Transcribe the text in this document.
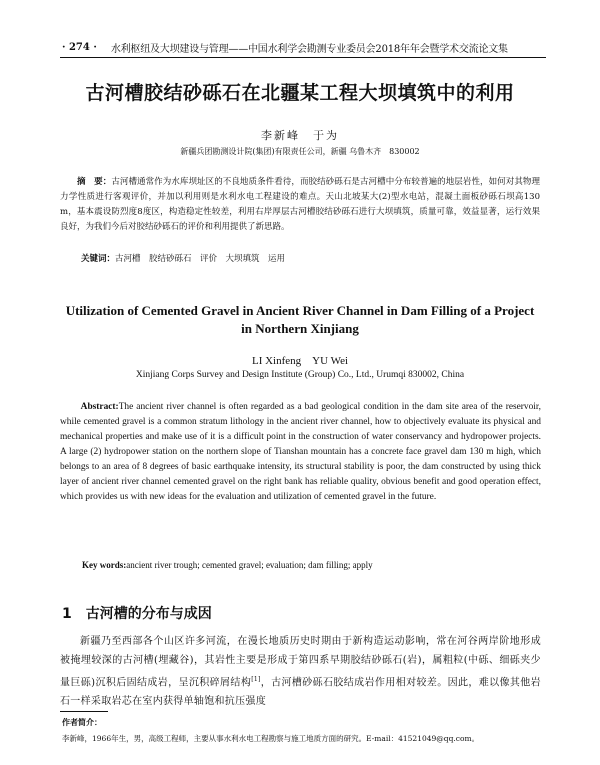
· 274 · 水利枢纽及大坝建设与管理——中国水利学会勘测专业委员会2018年年会暨学术交流论文集
古河槽胶结砂砾石在北疆某工程大坝填筑中的利用
李新峰　于为
新疆兵团勘测设计院(集团)有限责任公司，新疆 乌鲁木齐　830002

摘　要：古河槽通常作为水库坝址区的不良地质条件看待，而胶结砂砾石是古河槽中分布较普遍的地层岩性，如何对其物理力学性质进行客观评价，并加以利用则是水利水电工程建设的难点。天山北坡某大(2)型水电站，混凝土面板砂砾石坝高130 m，基本震设防烈度8度区，构造稳定性较差，利用右岸厚层古河槽胶结砂砾石进行大坝填筑，质量可靠，效益显著，运行效果良好，为我们今后对胶结砂砾石的评价和利用提供了新思路。

关键词：古河槽　胶结砂砾石　评价　大坝填筑　运用
Utilization of Cemented Gravel in Ancient River Channel in Dam Filling of a Project in Northern Xinjiang
LI Xinfeng　YU Wei
Xinjiang Corps Survey and Design Institute (Group) Co., Ltd., Urumqi 830002, China

Abstract:The ancient river channel is often regarded as a bad geological condition in the dam site area of the reservoir, while cemented gravel is a common stratum lithology in the ancient river channel, how to objectively evaluate its physical and mechanical properties and make use of it is a difficult point in the construction of water conservancy and hydropower projects. A large (2) hydropower station on the northern slope of Tianshan mountain has a concrete face gravel dam 130 m high, which belongs to an area of 8 degrees of basic earthquake intensity, its structural stability is poor, the dam constructed by using thick layer of ancient river channel cemented gravel on the right bank has reliable quality, obvious benefit and good operation effect, which provides us with new ideas for the evaluation and utilization of cemented gravel in the future.

Key words:ancient river trough; cemented gravel; evaluation; dam filling; apply
1 古河槽的分布与成因

新疆乃至西部各个山区许多河流，在漫长地质历史时期由于新构造运动影响，常在河谷两岸阶地形成被掩埋较深的古河槽(埋藏谷)，其岩性主要是形成于第四系早期胶结砂砾石(岩)，属粗粒(中砾、细砾夹少量巨砾)沉积后固结成岩，呈沉积碎屑结构[1]，古河槽砂砾石胶结成岩作用相对较差。因此，难以像其他岩石一样采取岩芯在室内获得单轴饱和抗压强度

作者简介：
李新峰，1966年生，男，高级工程师，主要从事水利水电工程勘察与施工地质方面的研究。E-mail：41521049@qq.com。
